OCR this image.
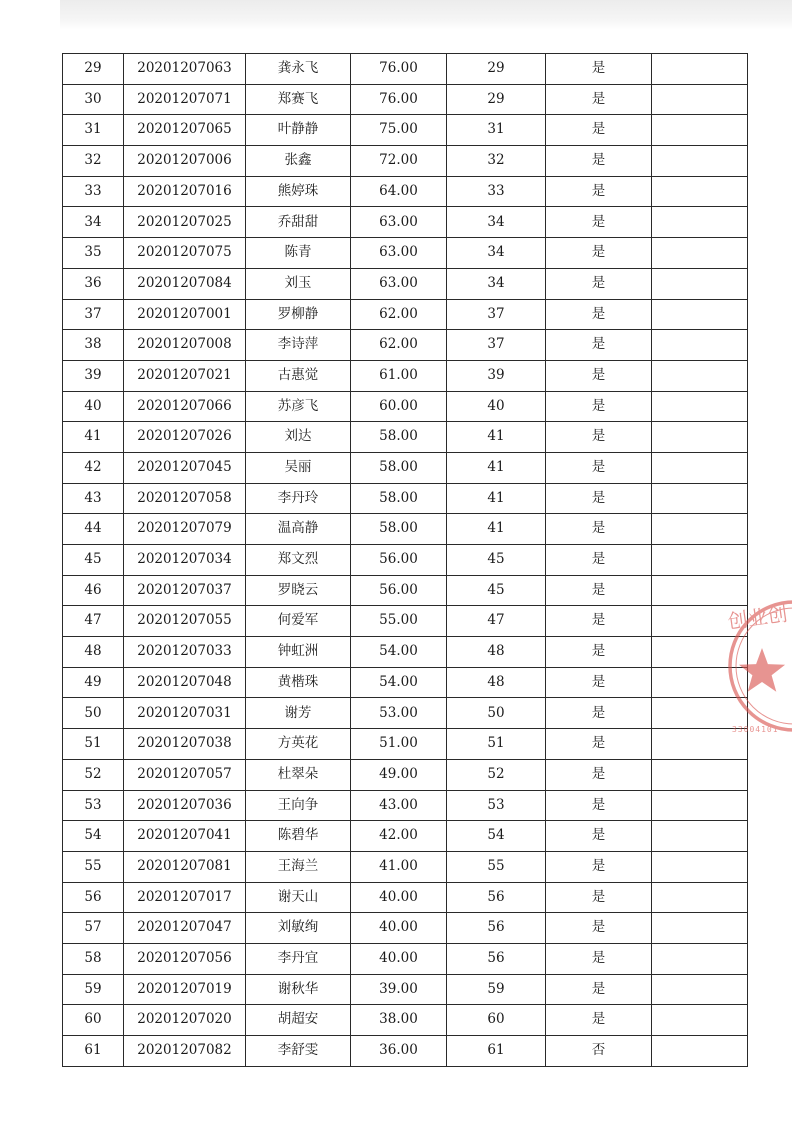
29	20201207063	龚永飞	76.00	29	是	
30	20201207071	郑赛飞	76.00	29	是	
31	20201207065	叶静静	75.00	31	是	
32	20201207006	张鑫	72.00	32	是	
33	20201207016	熊婷珠	64.00	33	是	
34	20201207025	乔甜甜	63.00	34	是	
35	20201207075	陈青	63.00	34	是	
36	20201207084	刘玉	63.00	34	是	
37	20201207001	罗柳静	62.00	37	是	
38	20201207008	李诗萍	62.00	37	是	
39	20201207021	古惠觉	61.00	39	是	
40	20201207066	苏彦飞	60.00	40	是	
41	20201207026	刘达	58.00	41	是	
42	20201207045	吴丽	58.00	41	是	
43	20201207058	李丹玲	58.00	41	是	
44	20201207079	温高静	58.00	41	是	
45	20201207034	郑文烈	56.00	45	是	
46	20201207037	罗晓云	56.00	45	是	
47	20201207055	何爱军	55.00	47	是	
48	20201207033	钟虹洲	54.00	48	是	
49	20201207048	黄楷珠	54.00	48	是	
50	20201207031	谢芳	53.00	50	是	
51	20201207038	方英花	51.00	51	是	
52	20201207057	杜翠朵	49.00	52	是	
53	20201207036	王向争	43.00	53	是	
54	20201207041	陈碧华	42.00	54	是	
55	20201207081	王海兰	41.00	55	是	
56	20201207017	谢天山	40.00	56	是	
57	20201207047	刘敏绚	40.00	56	是	
58	20201207056	李丹宜	40.00	56	是	
59	20201207019	谢秋华	39.00	59	是	
60	20201207020	胡超安	38.00	60	是	
61	20201207082	李舒雯	36.00	61	否	
创业创
33004101
